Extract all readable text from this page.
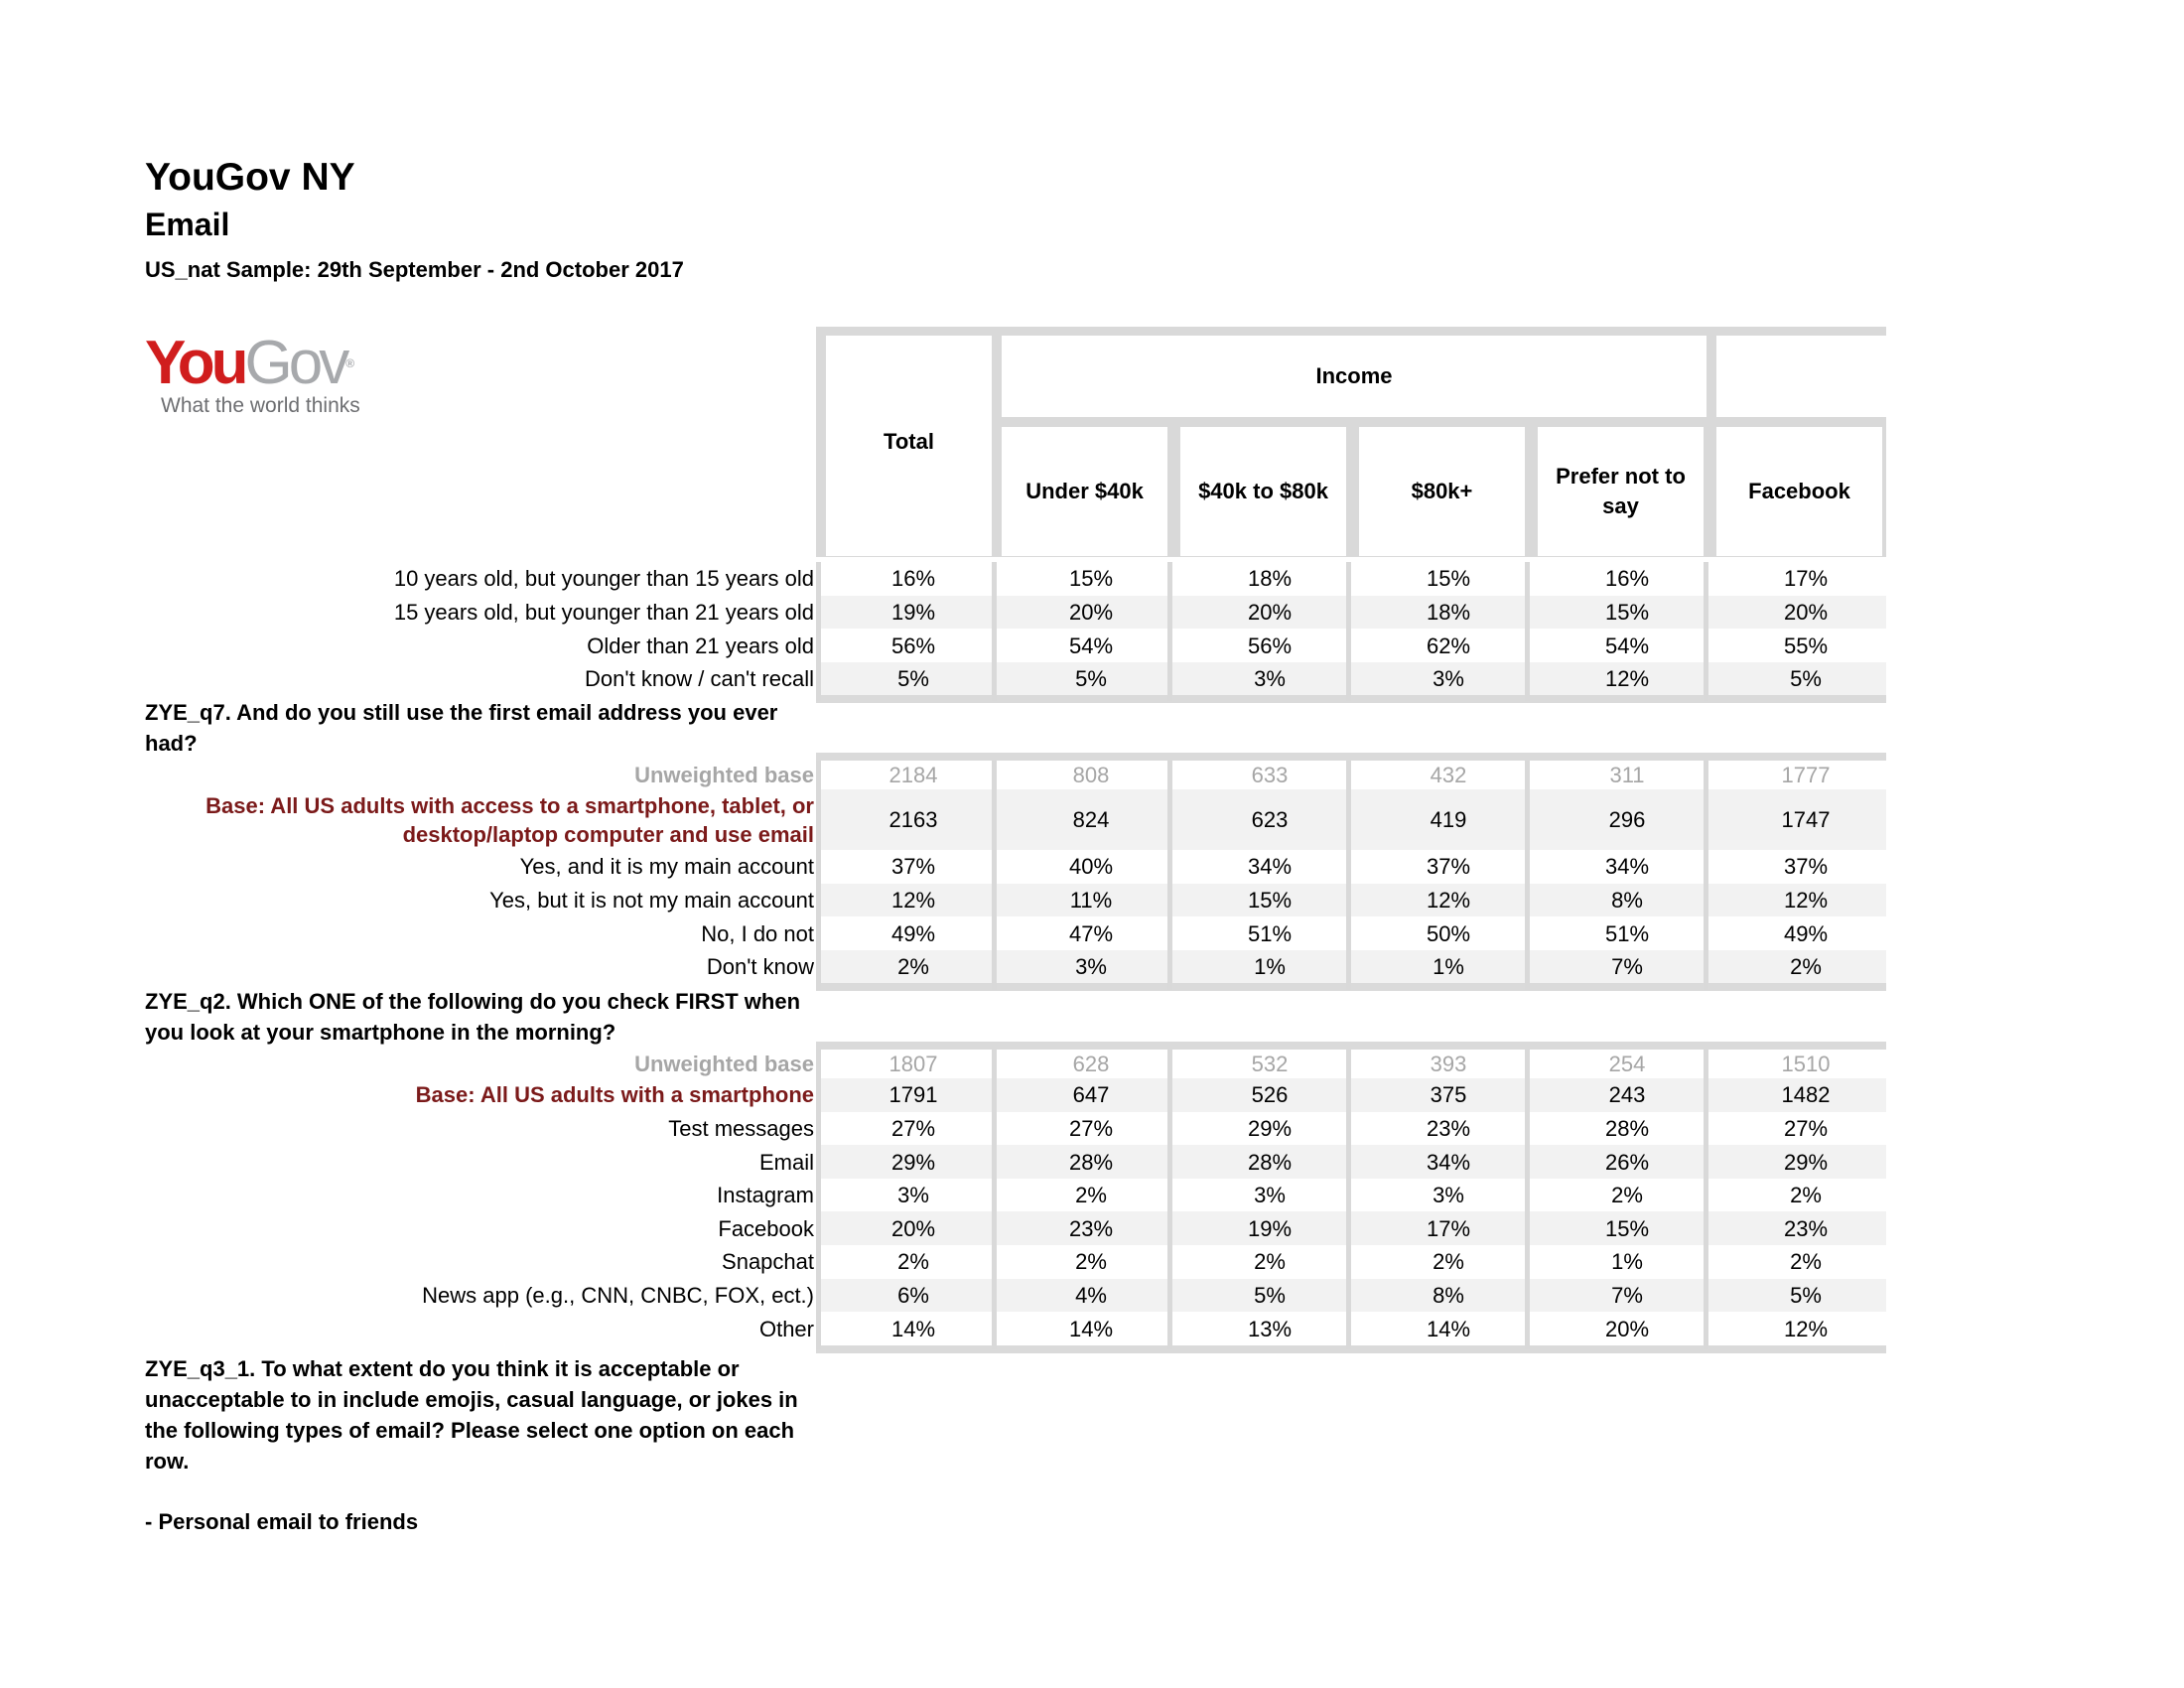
YouGov NY
Email
US_nat Sample: 29th September - 2nd October 2017
YouGov®
What the world thinks
Total
Income
Under $40k	$40k to $80k	$80k+
Prefer not to say
Facebook
10 years old, but younger than 15 years old	16%	15%	18%	15%	16%	17%
15 years old, but younger than 21 years old	19%	20%	20%	18%	15%	20%
Older than 21 years old	56%	54%	56%	62%	54%	55%
Don't know / can't recall	5%	5%	3%	3%	12%	5%
ZYE_q7. And do you still use the first email address you ever had?
Unweighted base	2184	808	633	432	311	1777
Base: All US adults with access to a smartphone, tablet, or
desktop/laptop computer and use email
2163	824	623	419	296	1747
Yes, and it is my main account	37%	40%	34%	37%	34%	37%
Yes, but it is not my main account	12%	11%	15%	12%	8%	12%
No, I do not	49%	47%	51%	50%	51%	49%
Don't know	2%	3%	1%	1%	7%	2%
ZYE_q2. Which ONE of the following do you check FIRST when you look at your smartphone in the morning?
Unweighted base	1807	628	532	393	254	1510
Base: All US adults with a smartphone	1791	647	526	375	243	1482
Test messages	27%	27%	29%	23%	28%	27%
Email	29%	28%	28%	34%	26%	29%
Instagram	3%	2%	3%	3%	2%	2%
Facebook	20%	23%	19%	17%	15%	23%
Snapchat	2%	2%	2%	2%	1%	2%
News app (e.g., CNN, CNBC, FOX, ect.)	6%	4%	5%	8%	7%	5%
Other	14%	14%	13%	14%	20%	12%
ZYE_q3_1. To what extent do you think it is acceptable or unacceptable to in include emojis, casual language, or jokes in the following types of email? Please select one option on each row.
- Personal email to friends
